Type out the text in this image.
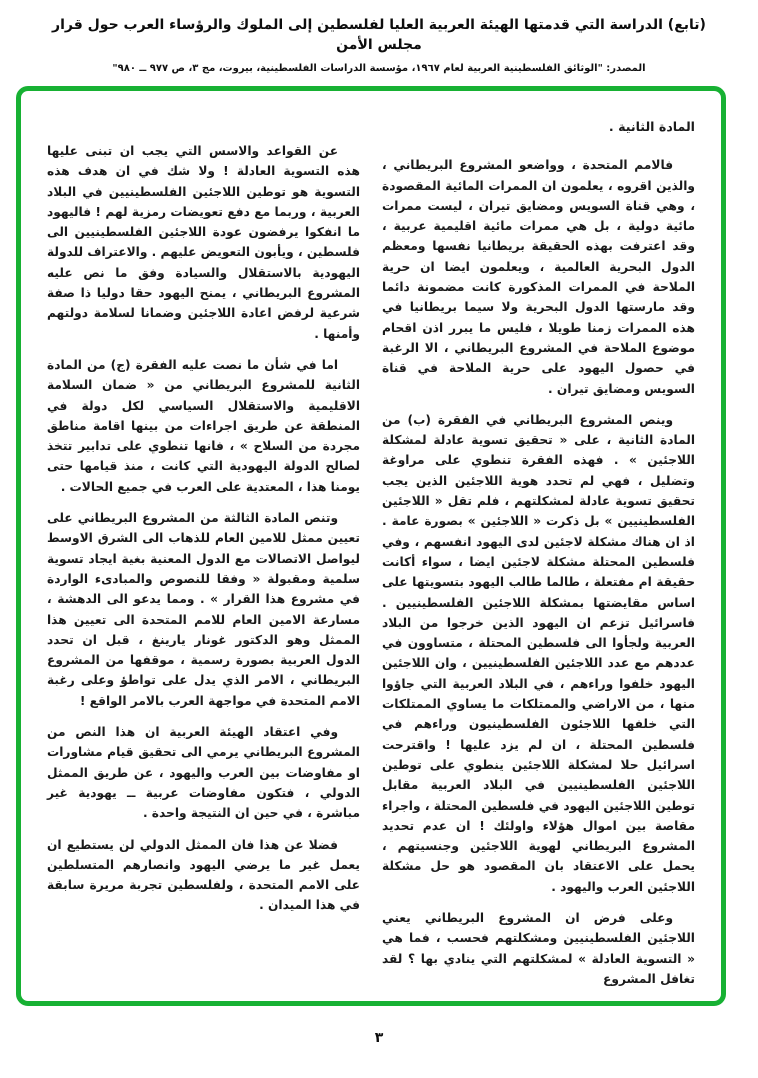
(تابع) الدراسة التي قدمتها الهيئة العربية العليا لفلسطين إلى الملوك والرؤساء العرب حول قرار مجلس الأمن
المصدر: "الوثائق الفلسطينية العربية لعام ١٩٦٧، مؤسسة الدراسات الفلسطينية، بيروت، مج ٣، ص ٩٧٧ ــ ٩٨٠"
المادة الثانية .

فالامم المتحدة ، وواضعو المشروع البريطاني ، والذين اقروه ، يعلمون ان الممرات المائية المقصودة ، وهي قناة السويس ومضايق تيران ، ليست ممرات مائية دولية ، بل هي ممرات مائية اقليمية عربية ، وقد اعترفت بهذه الحقيقة بريطانيا نفسها ومعظم الدول البحرية العالمية ، ويعلمون ايضا ان حرية الملاحة في الممرات المذكورة كانت مضمونة دائما وقد مارستها الدول البحرية ولا سيما بريطانيا في هذه الممرات زمنا طويلا ، فليس ما يبرر اذن اقحام موضوع الملاحة في المشروع البريطاني ، الا الرغبة في حصول اليهود على حرية الملاحة في قناة السويس ومضايق تيران .

وينص المشروع البريطاني في الفقرة (ب) من المادة الثانية ، على « تحقيق تسوية عادلة لمشكلة اللاجئين » . فهذه الفقرة تنطوي على مراوغة وتضليل ، فهي لم تحدد هوية اللاجئين الذين يجب تحقيق تسوية عادلة لمشكلتهم ، فلم تقل « اللاجئين الفلسطينيين » بل ذكرت « اللاجئين » بصورة عامة . اذ ان هناك مشكلة لاجئين لدى اليهود انفسهم ، وفي فلسطين المحتلة مشكلة لاجئين ايضا ، سواء أكانت حقيقة ام مفتعلة ، طالما طالب اليهود بتسويتها على اساس مقايضتها بمشكلة اللاجئين الفلسطينيين . فاسرائيل تزعم ان اليهود الذين خرجوا من البلاد العربية ولجأوا الى فلسطين المحتلة ، متساوون في عددهم مع عدد اللاجئين الفلسطينيين ، وان اللاجئين اليهود خلفوا وراءهم ، في البلاد العربية التي جاؤوا منها ، من الاراضي والممتلكات ما يساوي الممتلكات التي خلفها اللاجئون الفلسطينيون وراءهم في فلسطين المحتلة ، ان لم يزد عليها ! واقترحت اسرائيل حلا لمشكلة اللاجئين ينطوي على توطين اللاجئين الفلسطينيين في البلاد العربية مقابل توطين اللاجئين اليهود في فلسطين المحتلة ، واجراء مقاصة بين اموال هؤلاء واولئك ! ان عدم تحديد المشروع البريطاني لهوية اللاجئين وجنسيتهم ، يحمل على الاعتقاد بان المقصود هو حل مشكلة اللاجئين العرب واليهود .

وعلى فرض ان المشروع البريطاني يعني اللاجئين الفلسطينيين ومشكلتهم فحسب ، فما هي « التسوية العادلة » لمشكلتهم التي ينادي بها ؟ لقد تغافل المشروع

عن القواعد والاسس التي يجب ان تبنى عليها هذه التسوية العادلة ! ولا شك في ان هدف هذه التسوية هو توطين اللاجئين الفلسطينيين في البلاد العربية ، وربما مع دفع تعويضات رمزية لهم ! فاليهود ما انفكوا يرفضون عودة اللاجئين الفلسطينيين الى فلسطين ، ويأبون التعويض عليهم . والاعتراف للدولة اليهودية بالاستقلال والسيادة وفق ما نص عليه المشروع البريطاني ، يمنح اليهود حقا دوليا ذا صفة شرعية لرفض اعادة اللاجئين وضمانا لسلامة دولتهم وأمنها .

اما في شأن ما نصت عليه الفقرة (ج) من المادة الثانية للمشروع البريطاني من « ضمان السلامة الاقليمية والاستقلال السياسي لكل دولة في المنطقة عن طريق اجراءات من بينها اقامة مناطق مجردة من السلاح » ، فانها تنطوي على تدابير تتخذ لصالح الدولة اليهودية التي كانت ، منذ قيامها حتى يومنا هذا ، المعتدية على العرب في جميع الحالات .

وتنص المادة الثالثة من المشروع البريطاني على تعيين ممثل للامين العام للذهاب الى الشرق الاوسط ليواصل الاتصالات مع الدول المعنية بغية ايجاد تسوية سلمية ومقبولة « وفقا للنصوص والمبادىء الواردة في مشروع هذا القرار » . ومما يدعو الى الدهشة ، مسارعة الامين العام للامم المتحدة الى تعيين هذا الممثل وهو الدكتور غونار يارينغ ، قبل ان تحدد الدول العربية بصورة رسمية ، موقفها من المشروع البريطاني ، الامر الذي يدل على تواطؤ وعلى رغبة الامم المتحدة في مواجهة العرب بالامر الواقع !

وفي اعتقاد الهيئة العربية ان هذا النص من المشروع البريطاني يرمي الى تحقيق قيام مشاورات او مفاوضات بين العرب واليهود ، عن طريق الممثل الدولي ، فتكون مفاوضات عربية ــ يهودية غير مباشرة ، في حين ان النتيجة واحدة .

فضلا عن هذا فان الممثل الدولي لن يستطيع ان يعمل غير ما يرضي اليهود وانصارهم المتسلطين على الامم المتحدة ، ولفلسطين تجربة مريرة سابقة في هذا الميدان .

٣
